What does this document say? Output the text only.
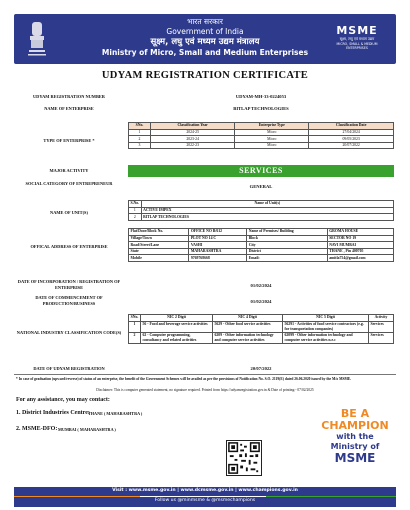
भारत सरकार
Government of India
सूक्ष्म, लघु एवं मध्यम उद्यम मंत्रालय
Ministry of Micro, Small and Medium Enterprises
MSME
सूक्ष्म, लघु एवं मध्यम उद्यम
MICRO, SMALL & MEDIUM ENTERPRISES
UDYAM REGISTRATION CERTIFICATE
UDYAM REGISTRATION NUMBER	UDYAM-MH-33-0224053
NAME OF ENTERPRISE	BITLAP TECHNOLOGIES
TYPE OF ENTERPRISE *
SNo.	Classification Year	Enterprise Type	Classification Date
1	2024-25	Micro	27/04/2024
2	2023-24	Micro	09/05/2023
3	2022-23	Micro	20/07/2022
MAJOR ACTIVITY	SERVICES
SOCIAL CATEGORY OF ENTREPRENEUR
GENERAL
NAME OF UNIT(S)
S.No.	Name of Unit(s)
1	ACTIVE IMPEX
2	BITLAP TECHNOLOGIES
OFFICAL ADDRESS OF ENTERPRISE
Flat/Door/Block No.	OFFICE NO B/612	Name of Premises/ Building	GROMA HOUSE
Village/Town	PLOT NO 14 C	Block	SECTOR NO 19
Road/Street/Lane	VASHI	City	NAVI MUMBAI
State	MAHARASHTRA	District	THANE , Pin 400705
Mobile	9769768668	Email:	amitla754@gmail.com
DATE OF INCORPORATION / REGISTRATION OF ENTERPRISE	01/02/2024
DATE OF COMMENCEMENT OF PRODUCTION/BUSINESS	01/02/2024
NATIONAL INDUSTRY CLASSIFICATION CODE(S)
SNo.	NIC 2 Digit	NIC 4 Digit	NIC 5 Digit	Activity
1	56 - Food and beverage service activities	5629 - Other food service activities	56291 - Activities of food service contractors (e.g. for transportation companies)	Services
2	62 - Computer programming, consultancy and related activities	6209 - Other information technology and computer service activities	62099 - Other information technology and computer service activities n.e.c	Services
DATE OF UDYAM REGISTRATION	20/07/2022
* In case of graduation (upward/reverse) of status of an enterprise, the benefit of the Government Schemes will be availed as per the provisions of Notification No. S.O. 2119(E) dated 26.06.2020 issued by the M/o MSME.
Disclaimer: This is computer generated statement, no signature required. Printed from https://udyamregistration.gov.in & Date of printing:- 07/02/2025
For any assistance, you may contact:
1. District Industries Centre:
THANE ( MAHARASHTRA )
2. MSME-DFO: MUMBAI ( MAHARASHTRA )
BE A
CHAMPION
with the
Ministry of
MSME
Visit : www.msme.gov.in | www.dcmsme.gov.in | www.champions.gov.in
Follow us @minmsme & @msmechampions
